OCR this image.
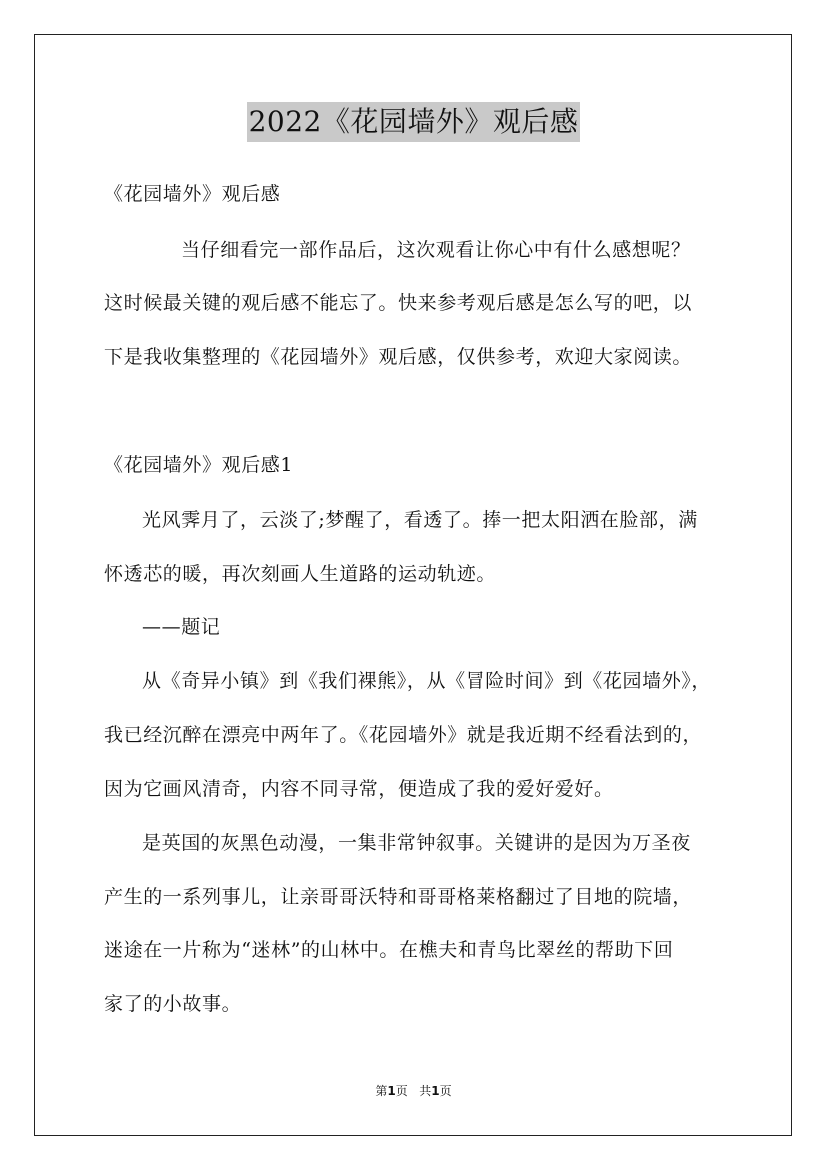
2022《花园墙外》观后感
《花园墙外》观后感
当仔细看完一部作品后，这次观看让你心中有什么感想呢？
这时候最关键的观后感不能忘了。快来参考观后感是怎么写的吧，以
下是我收集整理的《花园墙外》观后感，仅供参考，欢迎大家阅读。
《花园墙外》观后感1
光风霁月了，云淡了;梦醒了，看透了。捧一把太阳洒在脸部，满
怀透芯的暖，再次刻画人生道路的运动轨迹。
——题记
从《奇异小镇》到《我们裸熊》，从《冒险时间》到《花园墙外》，
我已经沉醉在漂亮中两年了。《花园墙外》就是我近期不经看法到的，
因为它画风清奇，内容不同寻常，便造成了我的爱好爱好。
是英国的灰黑色动漫，一集非常钟叙事。关键讲的是因为万圣夜
产生的一系列事儿，让亲哥哥沃特和哥哥格莱格翻过了目地的院墙，
迷途在一片称为“迷林”的山林中。在樵夫和青鸟比翠丝的帮助下回
家了的小故事。
第1页 共1页
